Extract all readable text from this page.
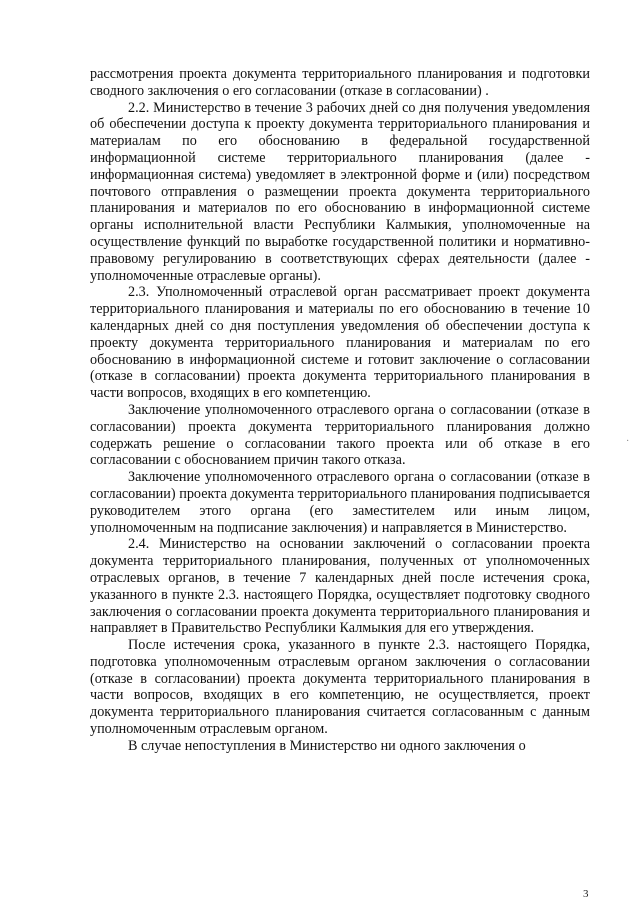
рассмотрения проекта документа территориального планирования и подготовки сводного заключения о его согласовании (отказе в согласовании) .

2.2. Министерство в течение 3 рабочих дней со дня получения уведомления об обеспечении доступа к проекту документа территориального планирования и материалам по его обоснованию в федеральной государственной информационной системе территориального планирования (далее - информационная система) уведомляет в электронной форме и (или) посредством почтового отправления о размещении проекта документа территориального планирования и материалов по его обоснованию в информационной системе органы исполнительной власти Республики Калмыкия, уполномоченные на осуществление функций по выработке государственной политики и нормативно-правовому регулированию в соответствующих сферах деятельности (далее - уполномоченные отраслевые органы).

2.3. Уполномоченный отраслевой орган рассматривает проект документа территориального планирования и материалы по его обоснованию в течение 10 календарных дней со дня поступления уведомления об обеспечении доступа к проекту документа территориального планирования и материалам по его обоснованию в информационной системе и готовит заключение о согласовании (отказе в согласовании) проекта документа территориального планирования в части вопросов, входящих в его компетенцию.

Заключение уполномоченного отраслевого органа о согласовании (отказе в согласовании) проекта документа территориального планирования должно содержать решение о согласовании такого проекта или об отказе в его согласовании с обоснованием причин такого отказа.

Заключение уполномоченного отраслевого органа о согласовании (отказе в согласовании) проекта документа территориального планирования подписывается руководителем этого органа (его заместителем или иным лицом, уполномоченным на подписание заключения) и направляется в Министерство.

2.4. Министерство на основании заключений о согласовании проекта документа территориального планирования, полученных от уполномоченных отраслевых органов, в течение 7 календарных дней после истечения срока, указанного в пункте 2.3. настоящего Порядка, осуществляет подготовку сводного заключения о согласовании проекта документа территориального планирования и направляет в Правительство Республики Калмыкия для его утверждения.

После истечения срока, указанного в пункте 2.3. настоящего Порядка, подготовка уполномоченным отраслевым органом заключения о согласовании (отказе в согласовании) проекта документа территориального планирования в части вопросов, входящих в его компетенцию, не осуществляется, проект документа территориального планирования считается согласованным с данным уполномоченным отраслевым органом.

В случае непоступления в Министерство ни одного заключения о

·
3
